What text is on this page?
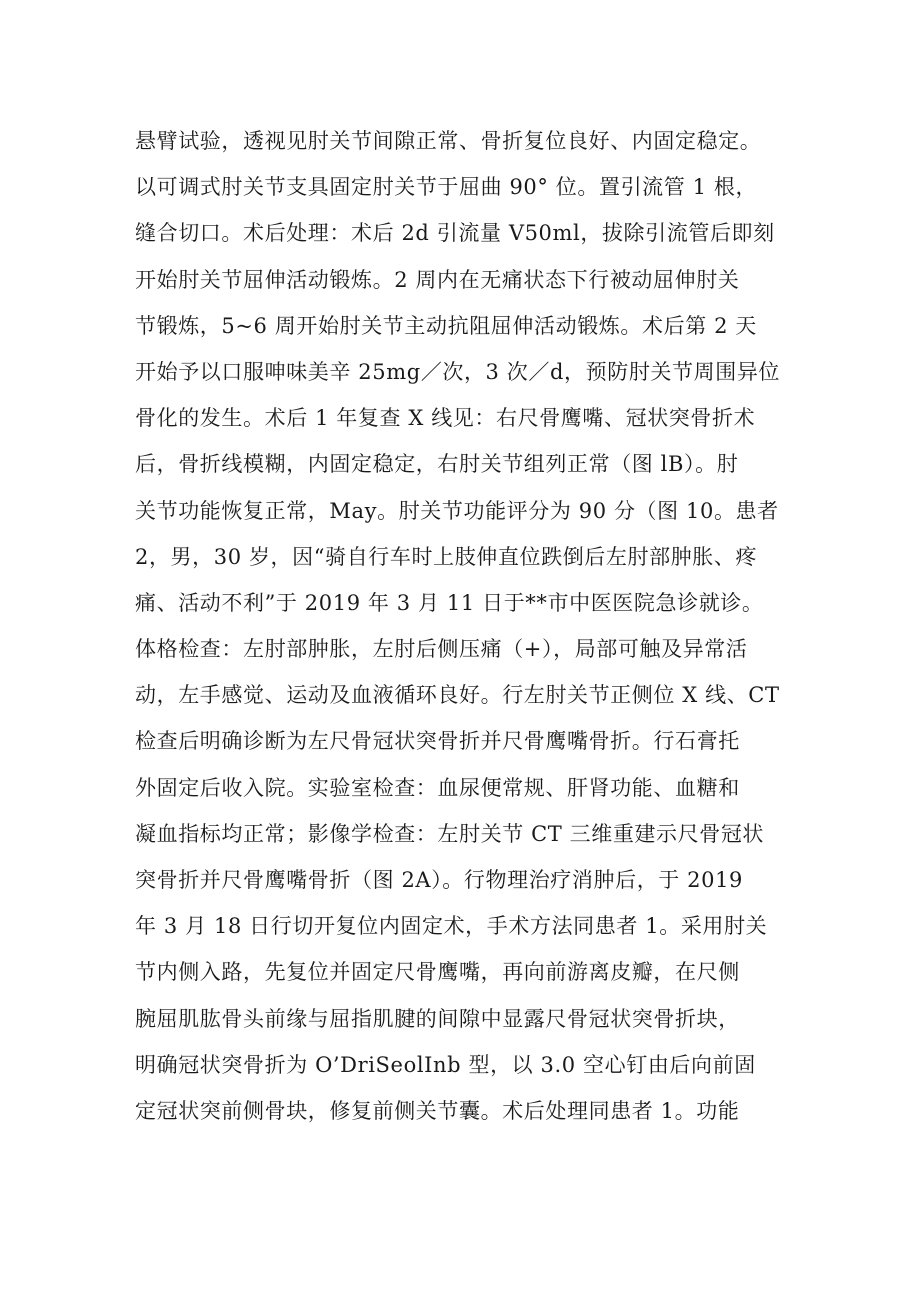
悬臂试验，透视见肘关节间隙正常、骨折复位良好、内固定稳定。
以可调式肘关节支具固定肘关节于屈曲 90° 位。置引流管 1 根，
缝合切口。术后处理：术后 2d 引流量 V50ml，拔除引流管后即刻
开始肘关节屈伸活动锻炼。2 周内在无痛状态下行被动屈伸肘关
节锻炼，5~6 周开始肘关节主动抗阻屈伸活动锻炼。术后第 2 天
开始予以口服呻味美辛 25mg／次，3 次／d，预防肘关节周围异位
骨化的发生。术后 1 年复查 X 线见：右尺骨鹰嘴、冠状突骨折术
后，骨折线模糊，内固定稳定，右肘关节组列正常（图 lB）。肘
关节功能恢复正常，May。肘关节功能评分为 90 分（图 10。患者
2，男，30 岁，因“骑自行车时上肢伸直位跌倒后左肘部肿胀、疼
痛、活动不利”于 2019 年 3 月 11 日于**市中医医院急诊就诊。
体格检查：左肘部肿胀，左肘后侧压痛（+），局部可触及异常活
动，左手感觉、运动及血液循环良好。行左肘关节正侧位 X 线、CT
检查后明确诊断为左尺骨冠状突骨折并尺骨鹰嘴骨折。行石膏托
外固定后收入院。实验室检查：血尿便常规、肝肾功能、血糖和
凝血指标均正常；影像学检查：左肘关节 CT 三维重建示尺骨冠状
突骨折并尺骨鹰嘴骨折（图 2A）。行物理治疗消肿后，于 2019
年 3 月 18 日行切开复位内固定术，手术方法同患者 1。采用肘关
节内侧入路，先复位并固定尺骨鹰嘴，再向前游离皮瓣，在尺侧
腕屈肌肱骨头前缘与屈指肌腱的间隙中显露尺骨冠状突骨折块，
明确冠状突骨折为 O’DriSeolInb 型，以 3.0 空心钉由后向前固
定冠状突前侧骨块，修复前侧关节囊。术后处理同患者 1。功能
